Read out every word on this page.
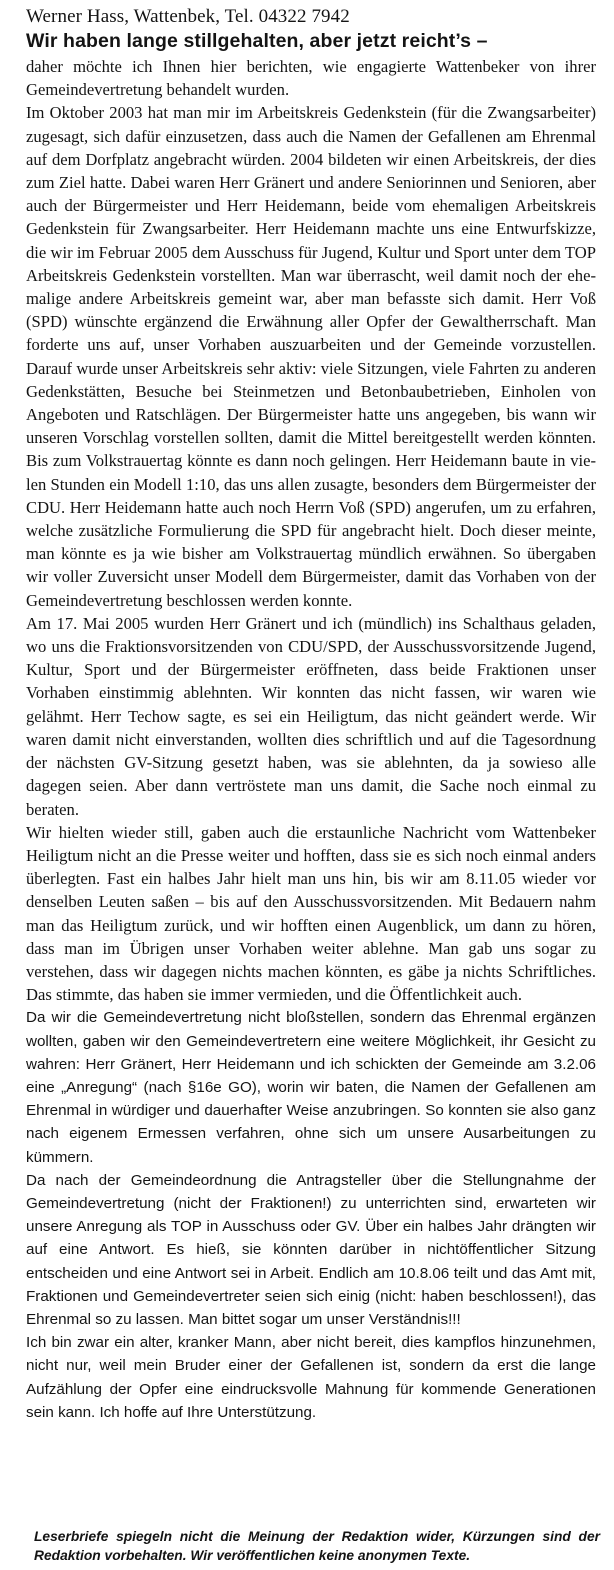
Werner Hass, Wattenbek, Tel. 04322 7942
Wir haben lange stillgehalten, aber jetzt reicht’s –

daher möchte ich Ihnen hier berichten, wie engagierte Wattenbeker von ihrer Gemeindevertretung behandelt wurden.

Im Oktober 2003 hat man mir im Arbeitskreis Gedenkstein (für die Zwangsarbeiter) zugesagt, sich dafür einzusetzen, dass auch die Namen der Gefallenen am Ehrenmal auf dem Dorfplatz angebracht würden. 2004 bildeten wir einen Arbeitskreis, der dies zum Ziel hatte. Dabei waren Herr Gränert und andere Seniorinnen und Senioren, aber auch der Bürgermeister und Herr Heidemann, beide vom ehemaligen Arbeitskreis Gedenkstein für Zwangsarbeiter. Herr Heidemann machte uns eine Entwurfskizze, die wir im Februar 2005 dem Ausschuss für Jugend, Kultur und Sport unter dem TOP Arbeitskreis Gedenkstein vorstellten. Man war überrascht, weil damit noch der ehemalige andere Arbeitskreis gemeint war, aber man befasste sich damit. Herr Voß (SPD) wünschte ergänzend die Erwähnung aller Opfer der Gewaltherrschaft. Man forderte uns auf, unser Vorhaben auszuarbeiten und der Gemeinde vorzustellen. Darauf wurde unser Arbeitskreis sehr aktiv: viele Sitzungen, viele Fahrten zu anderen Gedenkstätten, Besuche bei Steinmetzen und Betonbaubetrieben, Einholen von Angeboten und Ratschlägen. Der Bürgermeister hatte uns angegeben, bis wann wir unseren Vorschlag vorstellen sollten, damit die Mittel bereitgestellt werden könnten. Bis zum Volkstrauertag könnte es dann noch gelingen. Herr Heidemann baute in vielen Stunden ein Modell 1:10, das uns allen zusagte, besonders dem Bürgermeister der CDU. Herr Heidemann hatte auch noch Herrn Voß (SPD) angerufen, um zu erfahren, welche zusätzliche Formulierung die SPD für angebracht hielt. Doch dieser meinte, man könnte es ja wie bisher am Volkstrauertag mündlich erwähnen. So übergaben wir voller Zuversicht unser Modell dem Bürgermeister, damit das Vorhaben von der Gemeindevertretung beschlossen werden konnte.

Am 17. Mai 2005 wurden Herr Gränert und ich (mündlich) ins Schalthaus geladen, wo uns die Fraktionsvorsitzenden von CDU/SPD, der Ausschussvorsitzende Jugend, Kultur, Sport und der Bürgermeister eröffneten, dass beide Fraktionen unser Vorhaben einstimmig ablehnten. Wir konnten das nicht fassen, wir waren wie gelähmt. Herr Techow sagte, es sei ein Heiligtum, das nicht geändert werde. Wir waren damit nicht einverstanden, wollten dies schriftlich und auf die Tagesordnung der nächsten GV-Sitzung gesetzt haben, was sie ablehnten, da ja sowieso alle dagegen seien. Aber dann vertröstete man uns damit, die Sache noch einmal zu beraten.

Wir hielten wieder still, gaben auch die erstaunliche Nachricht vom Wattenbeker Heiligtum nicht an die Presse weiter und hofften, dass sie es sich noch einmal anders überlegten. Fast ein halbes Jahr hielt man uns hin, bis wir am 8.11.05 wieder vor denselben Leuten saßen – bis auf den Ausschussvorsitzenden. Mit Bedauern nahm man das Heiligtum zurück, und wir hofften einen Augenblick, um dann zu hören, dass man im Übrigen unser Vorhaben weiter ablehne. Man gab uns sogar zu verstehen, dass wir dagegen nichts machen könnten, es gäbe ja nichts Schriftliches. Das stimmte, das haben sie immer vermieden, und die Öffentlichkeit auch.

Da wir die Gemeindevertretung nicht bloßstellen, sondern das Ehrenmal ergänzen wollten, gaben wir den Gemeindevertretern eine weitere Möglichkeit, ihr Gesicht zu wahren: Herr Gränert, Herr Heidemann und ich schickten der Gemeinde am 3.2.06 eine „Anregung“ (nach §16e GO), worin wir baten, die Namen der Gefallenen am Ehrenmal in würdiger und dauerhafter Weise anzubringen. So konnten sie also ganz nach eigenem Ermessen verfahren, ohne sich um unsere Ausarbeitungen zu kümmern.

Da nach der Gemeindeordnung die Antragsteller über die Stellungnahme der Gemeindevertretung (nicht der Fraktionen!) zu unterrichten sind, erwarteten wir unsere Anregung als TOP in Ausschuss oder GV. Über ein halbes Jahr drängten wir auf eine Antwort. Es hieß, sie könnten darüber in nichtöffentlicher Sitzung entscheiden und eine Antwort sei in Arbeit. Endlich am 10.8.06 teilt und das Amt mit, Fraktionen und Gemeindevertreter seien sich einig (nicht: haben beschlossen!), das Ehrenmal so zu lassen. Man bittet sogar um unser Verständnis!!!

Ich bin zwar ein alter, kranker Mann, aber nicht bereit, dies kampflos hinzunehmen, nicht nur, weil mein Bruder einer der Gefallenen ist, sondern da erst die lange Aufzählung der Opfer eine eindrucksvolle Mahnung für kommende Generationen sein kann. Ich hoffe auf Ihre Unterstützung.

Leserbriefe spiegeln nicht die Meinung der Redaktion wider, Kürzungen sind der
Redaktion vorbehalten. Wir veröffentlichen keine anonymen Texte.
